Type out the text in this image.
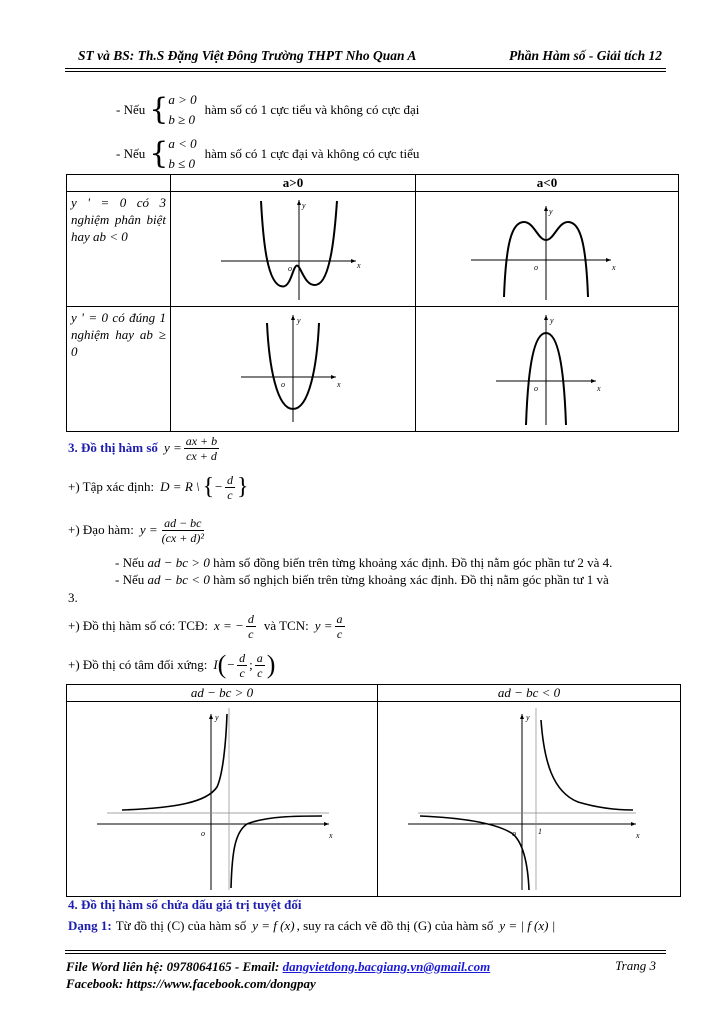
ST và BS: Th.S Đặng Việt Đông Trường THPT Nho Quan A	Phần Hàm số - Giải tích 12
- Nếu { a > 0
b ≥ 0
hàm số có 1 cực tiểu và không có cực đại
- Nếu { a < 0
b ≤ 0
hàm số có 1 cực đại và không có cực tiểu
	a>0	a<0

y ' = 0 có 3 nghiệm phân biệt hay ab < 0	y
x
o	y
x
o

y ' = 0 có đúng 1 nghiệm hay ab ≥ 0	y
x
o	y
x
o
3. Đồ thị hàm số $y = \frac{ax + b}{cx + d}$
+) Tập xác định: D = R \ { − $\frac{d}{c}$ }
+) Đạo hàm: $y = \frac{ad - bc}{\text{(cx + d)²}}$
- Nếu ad − bc > 0 hàm số đồng biến trên từng khoảng xác định. Đồ thị nằm góc phần tư 2 và 4.
- Nếu ad − bc < 0 hàm số nghịch biến trên từng khoảng xác định. Đồ thị nằm góc phần tư 1 và
3.
+) Đồ thị hàm số có: TCĐ: x = − $\frac{d}{c}$ và TCN: $y = \frac{a}{c}$
+) Đồ thị có tâm đối xứng: I ( − $\frac{d}{c}$ ; $\frac{a}{c}$ )
ad − bc > 0	ad − bc < 0

y
x
o	y
x
o 1
4. Đồ thị hàm số chứa dấu giá trị tuyệt đối
Dạng 1: Từ đồ thị (C) của hàm số y = f (x) , suy ra cách vẽ đồ thị (G) của hàm số y = | f (x) |
File Word liên hệ: 0978064165 - Email: dangvietdong.bacgiang.vn@gmail.com
Facebook: https://www.facebook.com/dongpay
Trang 3
